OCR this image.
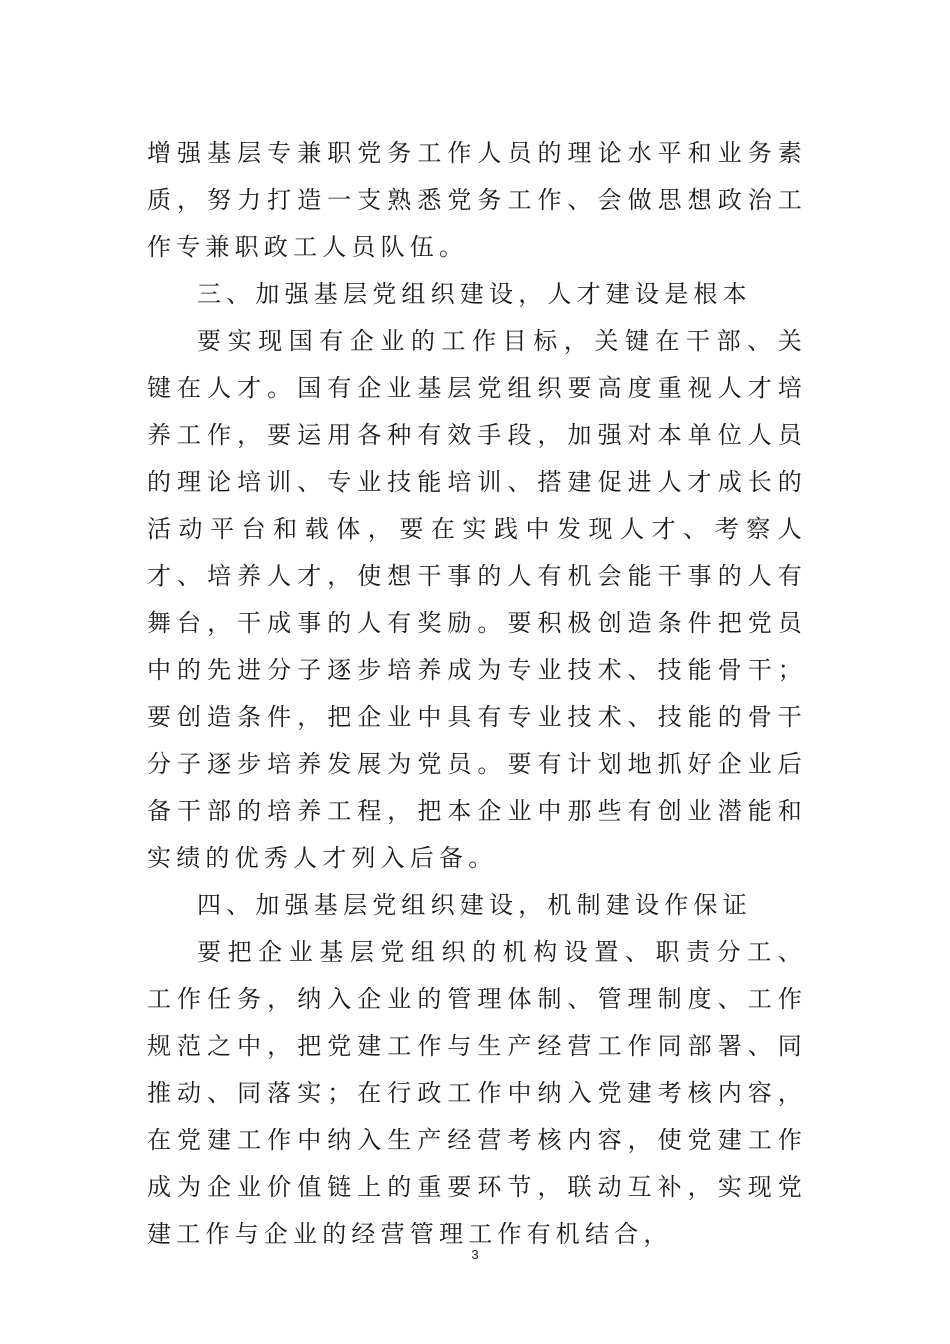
增强基层专兼职党务工作人员的理论水平和业务素质，努力打造一支熟悉党务工作、会做思想政治工作专兼职政工人员队伍。

三、加强基层党组织建设，人才建设是根本

要实现国有企业的工作目标，关键在干部、关键在人才。国有企业基层党组织要高度重视人才培养工作，要运用各种有效手段，加强对本单位人员的理论培训、专业技能培训、搭建促进人才成长的活动平台和载体，要在实践中发现人才、考察人才、培养人才，使想干事的人有机会能干事的人有舞台，干成事的人有奖励。要积极创造条件把党员中的先进分子逐步培养成为专业技术、技能骨干；要创造条件，把企业中具有专业技术、技能的骨干分子逐步培养发展为党员。要有计划地抓好企业后备干部的培养工程，把本企业中那些有创业潜能和实绩的优秀人才列入后备。

四、加强基层党组织建设，机制建设作保证

要把企业基层党组织的机构设置、职责分工、工作任务，纳入企业的管理体制、管理制度、工作规范之中，把党建工作与生产经营工作同部署、同推动、同落实；在行政工作中纳入党建考核内容，在党建工作中纳入生产经营考核内容，使党建工作成为企业价值链上的重要环节，联动互补，实现党建工作与企业的经营管理工作有机结合，

3
